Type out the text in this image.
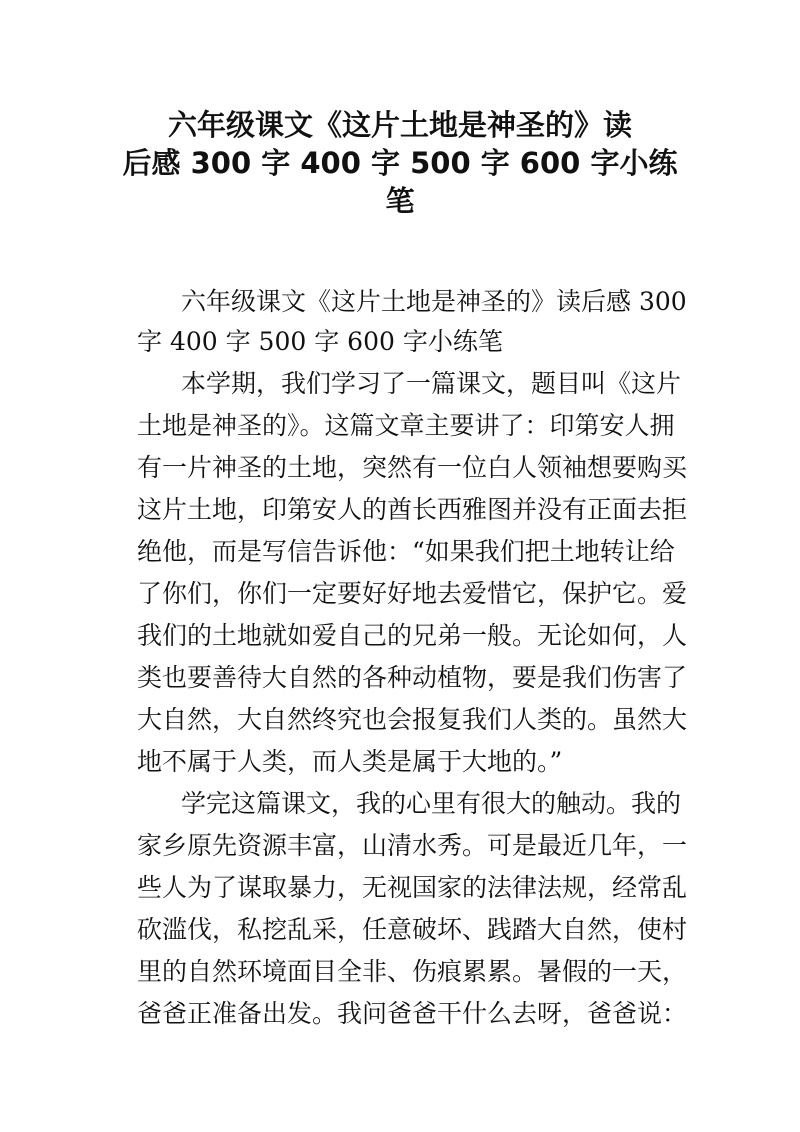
六年级课文《这片土地是神圣的》读
后感 300 字 400 字 500 字 600 字小练
笔
六年级课文《这片土地是神圣的》读后感 300
字 400 字 500 字 600 字小练笔
本学期，我们学习了一篇课文，题目叫《这片
土地是神圣的》。这篇文章主要讲了：印第安人拥
有一片神圣的土地，突然有一位白人领袖想要购买
这片土地，印第安人的酋长西雅图并没有正面去拒
绝他，而是写信告诉他：“如果我们把土地转让给
了你们，你们一定要好好地去爱惜它，保护它。爱
我们的土地就如爱自己的兄弟一般。无论如何，人
类也要善待大自然的各种动植物，要是我们伤害了
大自然，大自然终究也会报复我们人类的。虽然大
地不属于人类，而人类是属于大地的。”
学完这篇课文，我的心里有很大的触动。我的
家乡原先资源丰富，山清水秀。可是最近几年，一
些人为了谋取暴力，无视国家的法律法规，经常乱
砍滥伐，私挖乱采，任意破坏、践踏大自然，使村
里的自然环境面目全非、伤痕累累。暑假的一天，
爸爸正准备出发。我问爸爸干什么去呀，爸爸说：
